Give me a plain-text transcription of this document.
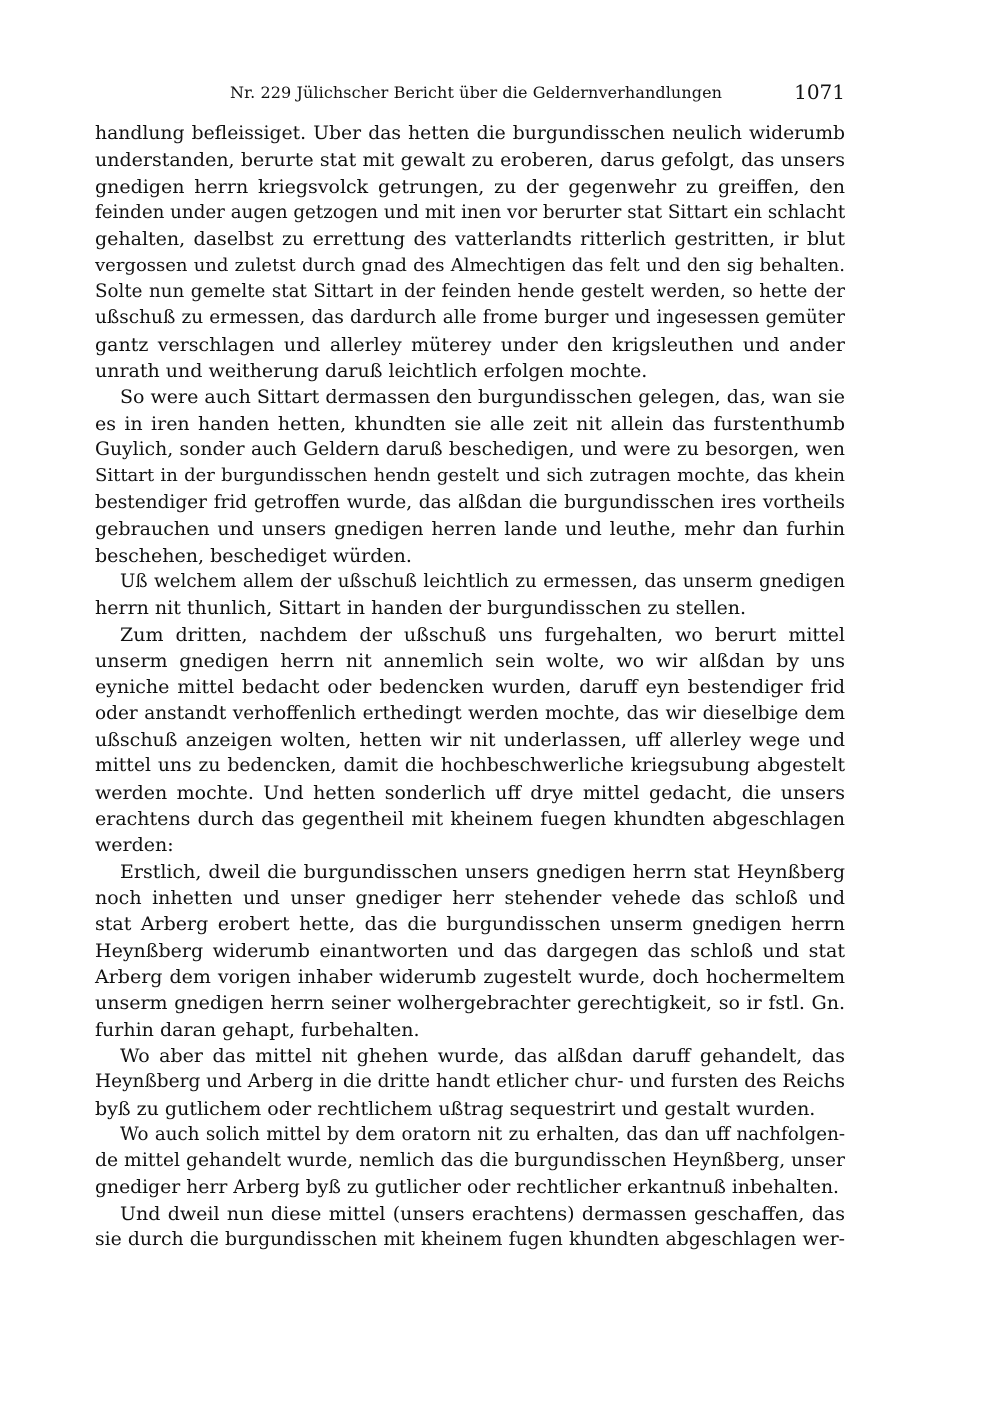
Nr. 229 Jülichscher Bericht über die Geldernverhandlungen	1071
handlung befleissiget. Uber das hetten die burgundisschen neulich widerumb
understanden, berurte stat mit gewalt zu eroberen, darus gefolgt, das unsers
gnedigen herrn kriegsvolck getrungen, zu der gegenwehr zu greiffen, den
feinden under augen getzogen und mit inen vor berurter stat Sittart ein schlacht
gehalten, daselbst zu errettung des vatterlandts ritterlich gestritten, ir blut
vergossen und zuletst durch gnad des Almechtigen das felt und den sig behalten.
Solte nun gemelte stat Sittart in der feinden hende gestelt werden, so hette der
ußschuß zu ermessen, das dardurch alle frome burger und ingesessen gemüter
gantz verschlagen und allerley müterey under den krigsleuthen und ander
unrath und weitherung daruß leichtlich erfolgen mochte.
So were auch Sittart dermassen den burgundisschen gelegen, das, wan sie
es in iren handen hetten, khundten sie alle zeit nit allein das furstenthumb
Guylich, sonder auch Geldern daruß beschedigen, und were zu besorgen, wen
Sittart in der burgundisschen hendn gestelt und sich zutragen mochte, das khein
bestendiger frid getroffen wurde, das alßdan die burgundisschen ires vortheils
gebrauchen und unsers gnedigen herren lande und leuthe, mehr dan furhin
beschehen, beschediget würden.
Uß welchem allem der ußschuß leichtlich zu ermessen, das unserm gnedigen
herrn nit thunlich, Sittart in handen der burgundisschen zu stellen.
Zum dritten, nachdem der ußschuß uns furgehalten, wo berurt mittel
unserm gnedigen herrn nit annemlich sein wolte, wo wir alßdan by uns
eyniche mittel bedacht oder bedencken wurden, daruff eyn bestendiger frid
oder anstandt verhoffenlich erthedingt werden mochte, das wir dieselbige dem
ußschuß anzeigen wolten, hetten wir nit underlassen, uff allerley wege und
mittel uns zu bedencken, damit die hochbeschwerliche kriegsubung abgestelt
werden mochte. Und hetten sonderlich uff drye mittel gedacht, die unsers
erachtens durch das gegentheil mit kheinem fuegen khundten abgeschlagen
werden:
Erstlich, dweil die burgundisschen unsers gnedigen herrn stat Heynßberg
noch inhetten und unser gnediger herr stehender vehede das schloß und
stat Arberg erobert hette, das die burgundisschen unserm gnedigen herrn
Heynßberg widerumb einantworten und das dargegen das schloß und stat
Arberg dem vorigen inhaber widerumb zugestelt wurde, doch hochermeltem
unserm gnedigen herrn seiner wolhergebrachter gerechtigkeit, so ir fstl. Gn.
furhin daran gehapt, furbehalten.
Wo aber das mittel nit ghehen wurde, das alßdan daruff gehandelt, das
Heynßberg und Arberg in die dritte handt etlicher chur- und fursten des Reichs
byß zu gutlichem oder rechtlichem ußtrag sequestrirt und gestalt wurden.
Wo auch solich mittel by dem oratorn nit zu erhalten, das dan uff nachfolgen-
de mittel gehandelt wurde, nemlich das die burgundisschen Heynßberg, unser
gnediger herr Arberg byß zu gutlicher oder rechtlicher erkantnuß inbehalten.
Und dweil nun diese mittel (unsers erachtens) dermassen geschaffen, das
sie durch die burgundisschen mit kheinem fugen khundten abgeschlagen wer-
